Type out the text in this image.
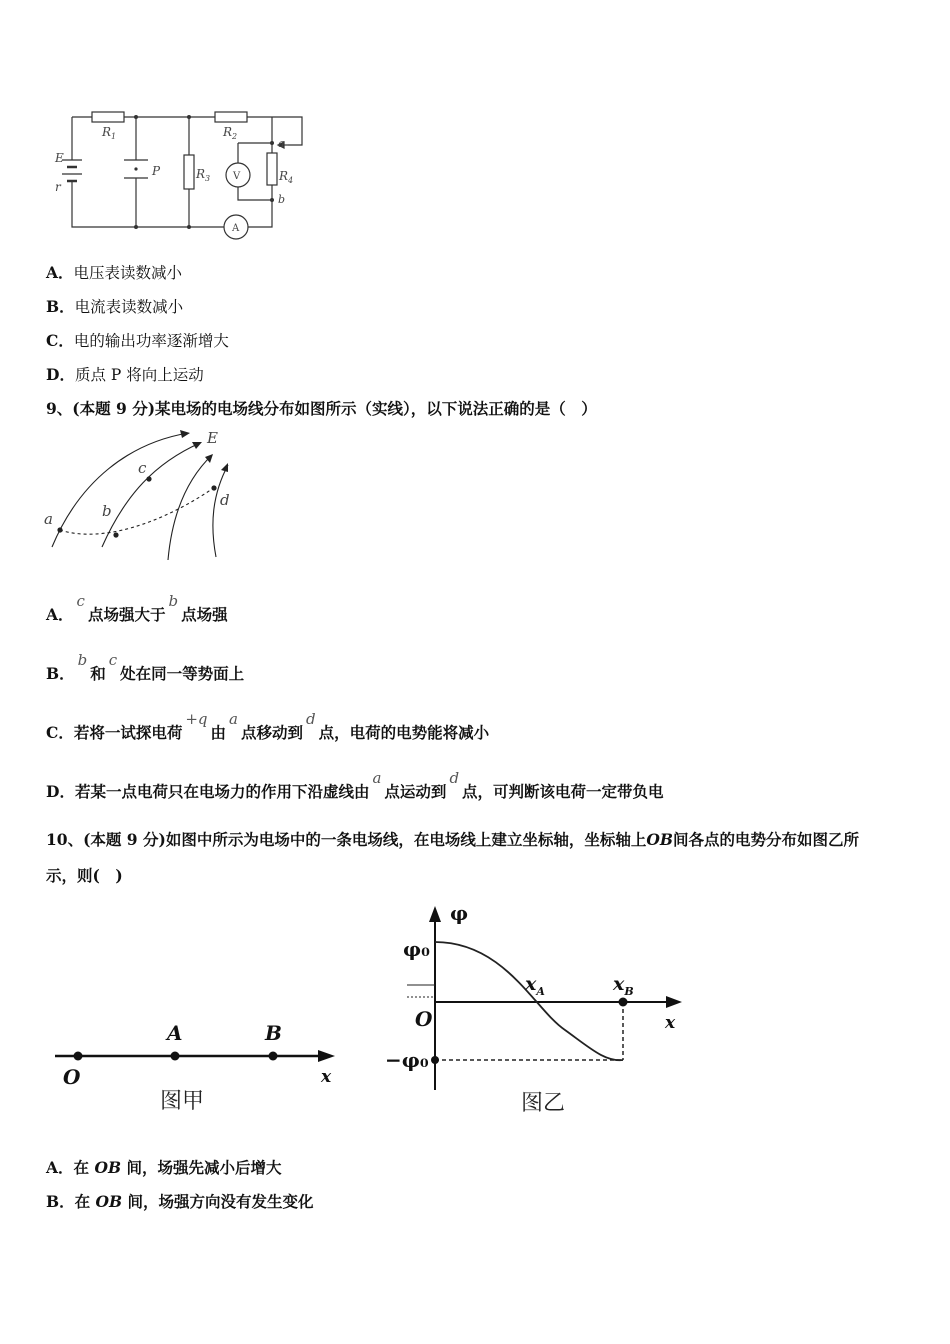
E
r
$R_1$	$R_2$
$R_3$	$R_4$
P	V
A
a
b
A．电压表读数减小
B．电流表读数减小
C．电的输出功率逐渐增大
D．质点 P 将向上运动
9、(本题 9 分)某电场的电场线分布如图所示（实线），以下说法正确的是（　）
E
a	b
c
d
A．c点场强大于b点场强
B．b和c处在同一等势面上
C．若将一试探电荷+q由a点移动到d点，电荷的电势能将减小
D．若某一点电荷只在电场力的作用下沿虚线由a点运动到d点，可判断该电荷一定带负电
10、(本题 9 分)如图中所示为电场中的一条电场线，在电场线上建立坐标轴，坐标轴上OB间各点的电势分布如图乙所
示，则(　)
O
A	B
x
图甲
φ
φ₀
−φ₀
O
$x_A$	$x_B$
x
图乙
A．在 OB 间，场强先减小后增大
B．在 OB 间，场强方向没有发生变化
